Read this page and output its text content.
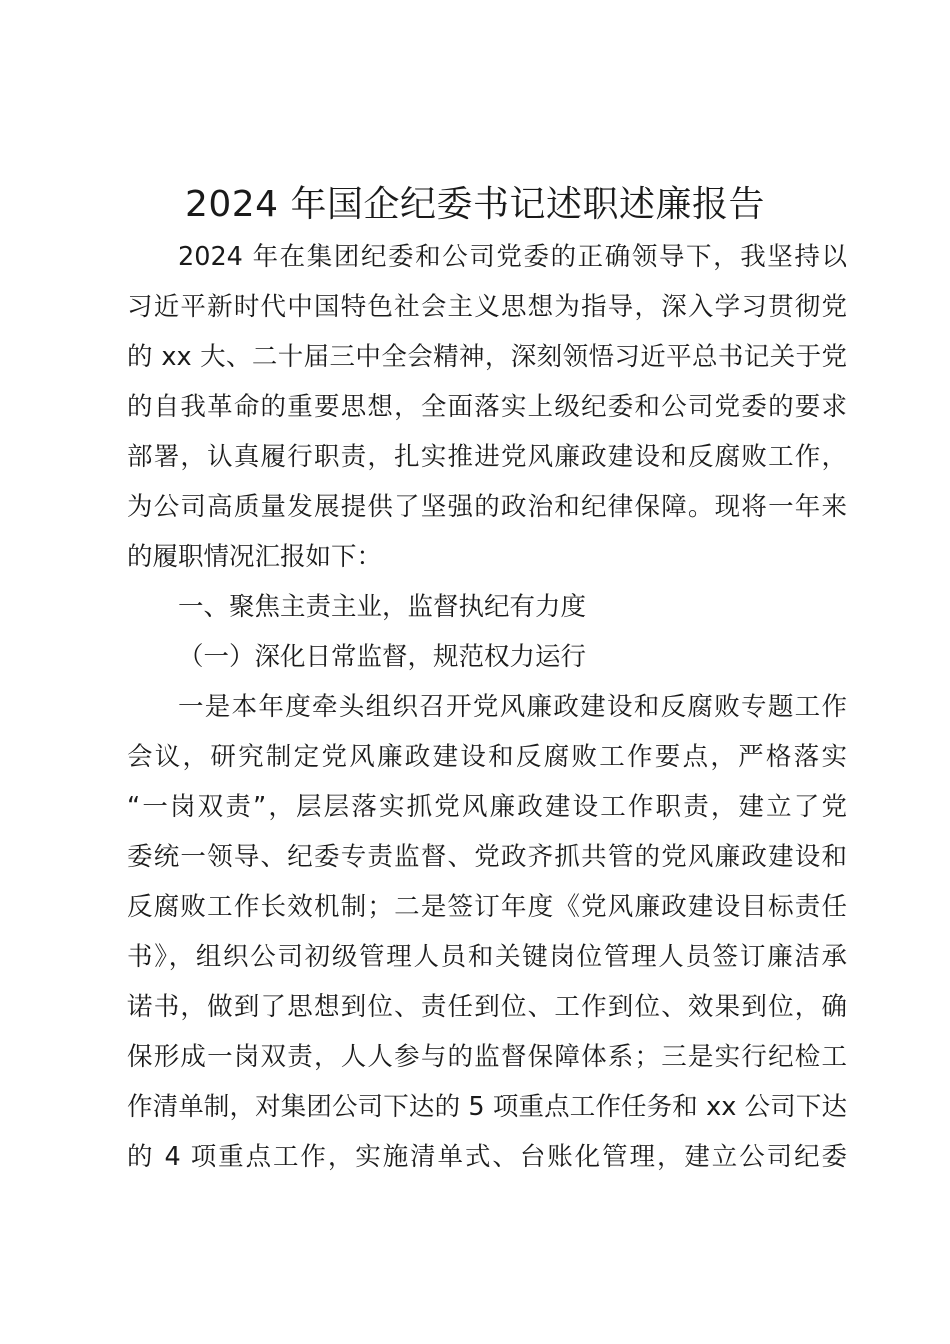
2024 年国企纪委书记述职述廉报告
2024 年在集团纪委和公司党委的正确领导下，我坚持以
习近平新时代中国特色社会主义思想为指导，深入学习贯彻党
的 xx 大、二十届三中全会精神，深刻领悟习近平总书记关于党
的自我革命的重要思想，全面落实上级纪委和公司党委的要求
部署，认真履行职责，扎实推进党风廉政建设和反腐败工作，
为公司高质量发展提供了坚强的政治和纪律保障。现将一年来
的履职情况汇报如下：
一、聚焦主责主业，监督执纪有力度
（一）深化日常监督，规范权力运行
一是本年度牵头组织召开党风廉政建设和反腐败专题工作
会议，研究制定党风廉政建设和反腐败工作要点，严格落实
“一岗双责”，层层落实抓党风廉政建设工作职责，建立了党
委统一领导、纪委专责监督、党政齐抓共管的党风廉政建设和
反腐败工作长效机制；二是签订年度《党风廉政建设目标责任
书》，组织公司初级管理人员和关键岗位管理人员签订廉洁承
诺书，做到了思想到位、责任到位、工作到位、效果到位，确
保形成一岗双责，人人参与的监督保障体系；三是实行纪检工
作清单制，对集团公司下达的 5 项重点工作任务和 xx 公司下达
的 4 项重点工作，实施清单式、台账化管理，建立公司纪委
